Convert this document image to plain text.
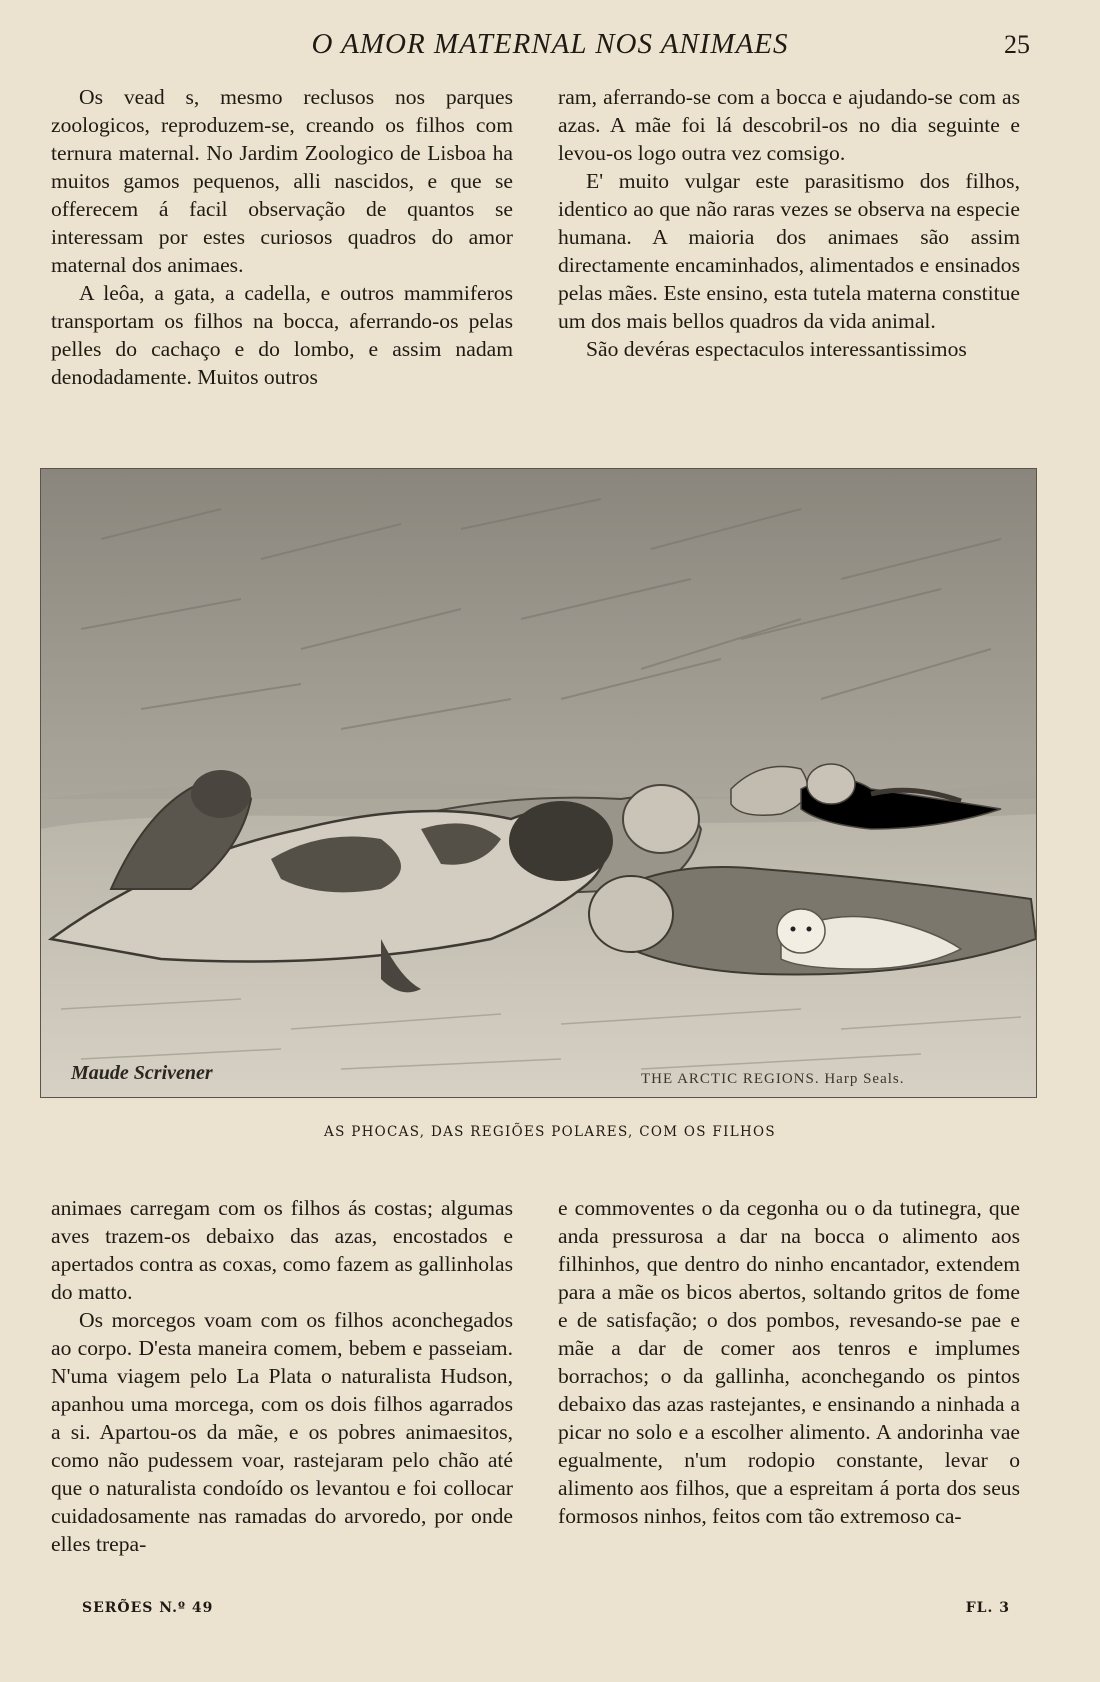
O AMOR MATERNAL NOS ANIMAES	25

Os vead s, mesmo reclusos nos parques zoologicos, reproduzem-se, creando os filhos com ternura maternal. No Jardim Zoologico de Lisboa ha muitos gamos pequenos, alli nascidos, e que se offerecem á facil observação de quantos se interessam por estes curiosos quadros do amor maternal dos animaes.

A leôa, a gata, a cadella, e outros mammiferos transportam os filhos na bocca, aferrando-os pelas pelles do cachaço e do lombo, e assim nadam denodadamente. Muitos outros

ram, aferrando-se com a bocca e ajudando-se com as azas. A mãe foi lá descobril-os no dia seguinte e levou-os logo outra vez comsigo.

E' muito vulgar este parasitismo dos filhos, identico ao que não raras vezes se observa na especie humana. A maioria dos animaes são assim directamente encaminhados, alimentados e ensinados pelas mães. Este ensino, esta tutela materna constitue um dos mais bellos quadros da vida animal.

São devéras espectaculos interessantissimos

Maude Scrivener	THE ARCTIC REGIONS. Harp Seals.
AS PHOCAS, DAS REGIÕES POLARES, COM OS FILHOS

animaes carregam com os filhos ás costas; algumas aves trazem-os debaixo das azas, encostados e apertados contra as coxas, como fazem as gallinholas do matto.

Os morcegos voam com os filhos aconchegados ao corpo. D'esta maneira comem, bebem e passeiam. N'uma viagem pelo La Plata o naturalista Hudson, apanhou uma morcega, com os dois filhos agarrados a si. Apartou-os da mãe, e os pobres animaesitos, como não pudessem voar, rastejaram pelo chão até que o naturalista condoído os levantou e foi collocar cuidadosamente nas ramadas do arvoredo, por onde elles trepa-

e commoventes o da cegonha ou o da tutinegra, que anda pressurosa a dar na bocca o alimento aos filhinhos, que dentro do ninho encantador, extendem para a mãe os bicos abertos, soltando gritos de fome e de satisfação; o dos pombos, revesando-se pae e mãe a dar de comer aos tenros e implumes borrachos; o da gallinha, aconchegando os pintos debaixo das azas rastejantes, e ensinando a ninhada a picar no solo e a escolher alimento. A andorinha vae egualmente, n'um rodopio constante, levar o alimento aos filhos, que a espreitam á porta dos seus formosos ninhos, feitos com tão extremoso ca-

SERÕES N.º 49	FL. 3
